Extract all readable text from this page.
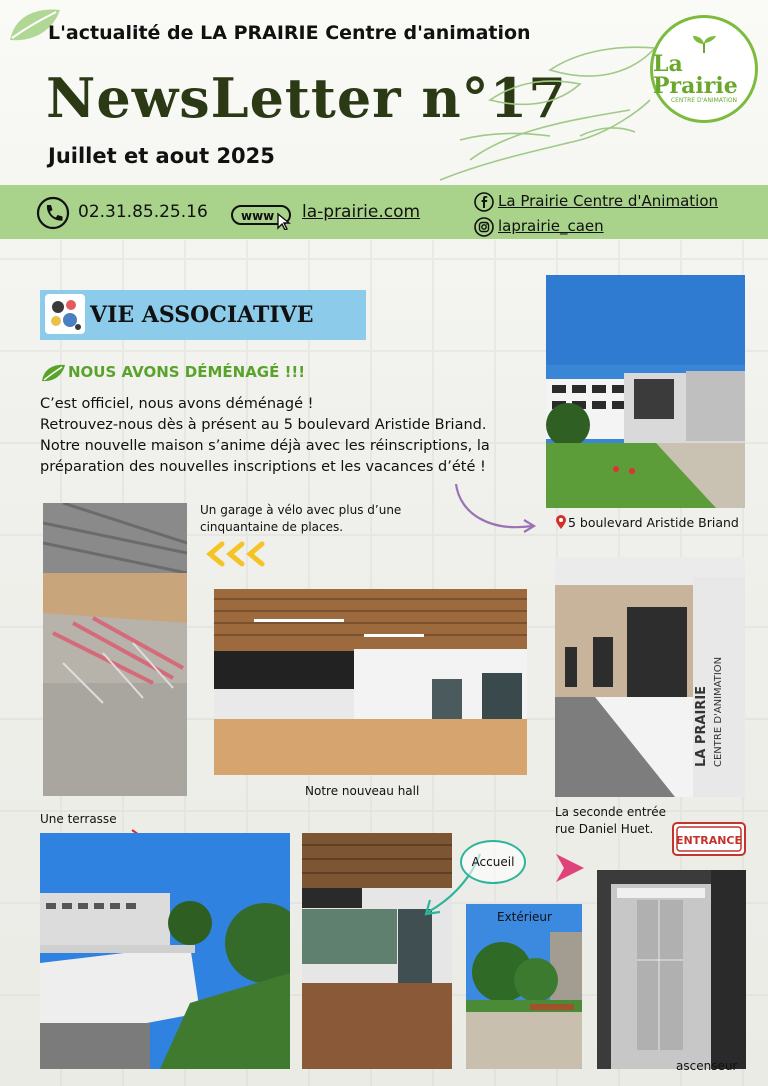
L'actualité de LA PRAIRIE Centre d'animation

NewsLetter n°17

Juillet et aout 2025

La Prairie
CENTRE D'ANIMATION

02.31.85.25.16	www la-prairie.com

La Prairie Centre d'Animation

laprairie_caen

VIE ASSOCIATIVE

NOUS AVONS DÉMÉNAGÉ !!!

C’est officiel, nous avons déménagé !

Retrouvez-nous dès à présent au 5 boulevard Aristide Briand.

Notre nouvelle maison s’anime déjà avec les réinscriptions, la

préparation des nouvelles inscriptions et les vacances d’été !

5 boulevard Aristide Briand

Un garage à vélo avec plus d’une cinquantaine de places.

Notre nouveau hall

LA PRAIRIE CENTRE D'ANIMATION

La seconde entrée

rue Daniel Huet.

ENTRANCE

Une terrasse

Accueil

Extérieur

ascenseur
